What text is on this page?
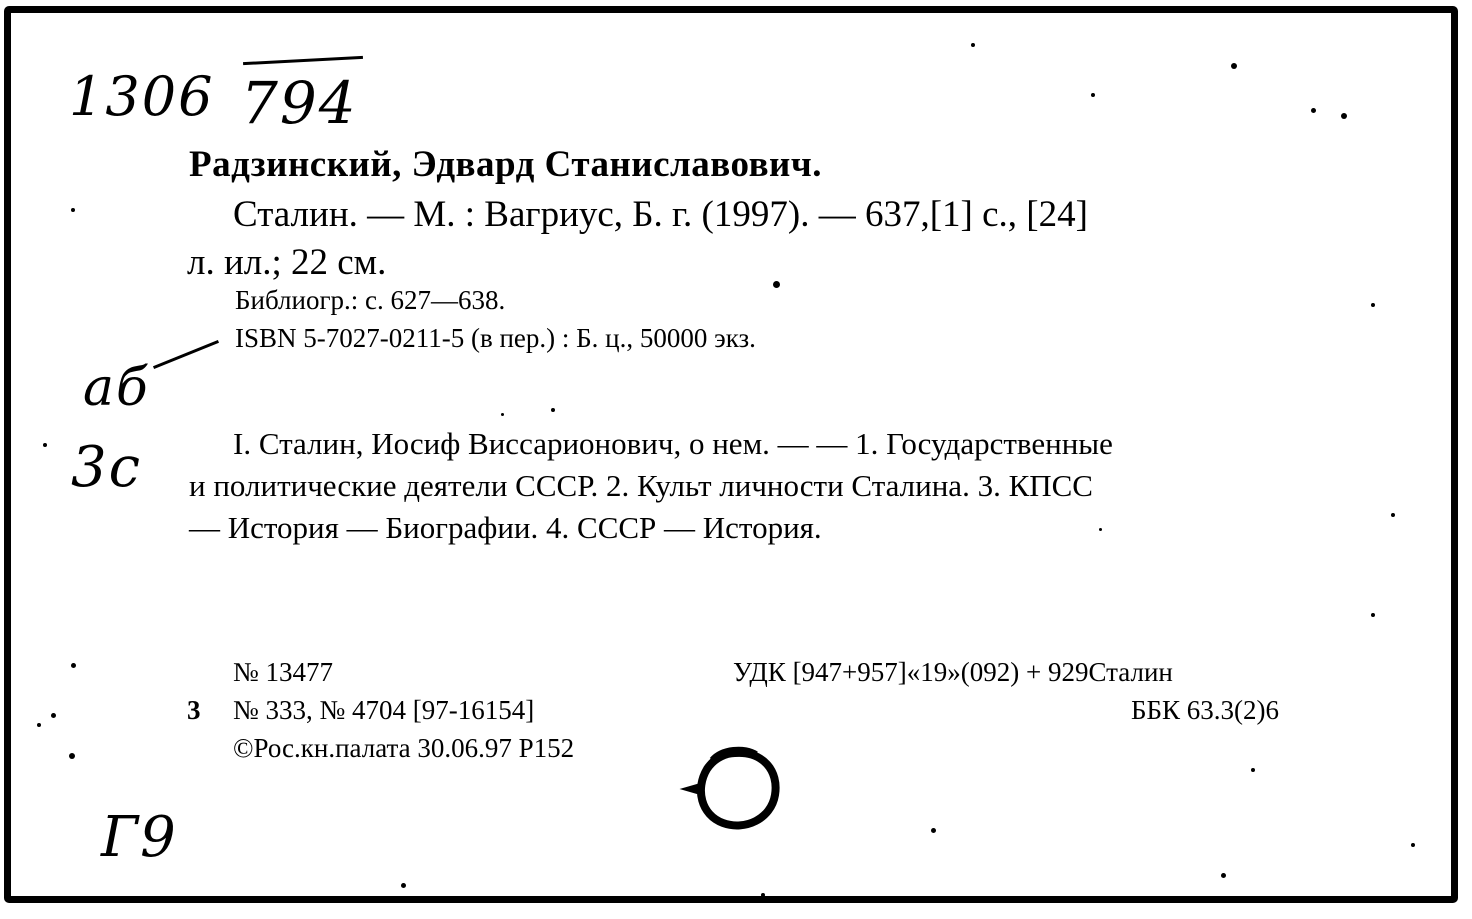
1306 794
аб
3с
Г9
Радзинский, Эдвард Станиславович.
Сталин. — М. : Вагриус, Б. г. (1997). — 637,[1] с., [24]
л. ил.; 22 см.
Библиогр.: с. 627—638.
ISBN 5-7027-0211-5 (в пер.) : Б. ц., 50000 экз.
I. Сталин, Иосиф Виссарионович, о нем. — — 1. Государственные
и политические деятели СССР. 2. Культ личности Сталина. 3. КПСС
— История — Биографии. 4. СССР — История.
№ 13477
3 № 333, № 4704 [97-16154]
©Рос.кн.палата 30.06.97 Р152
УДК [947+957]«19»(092) + 929Сталин
ББК 63.3(2)6
